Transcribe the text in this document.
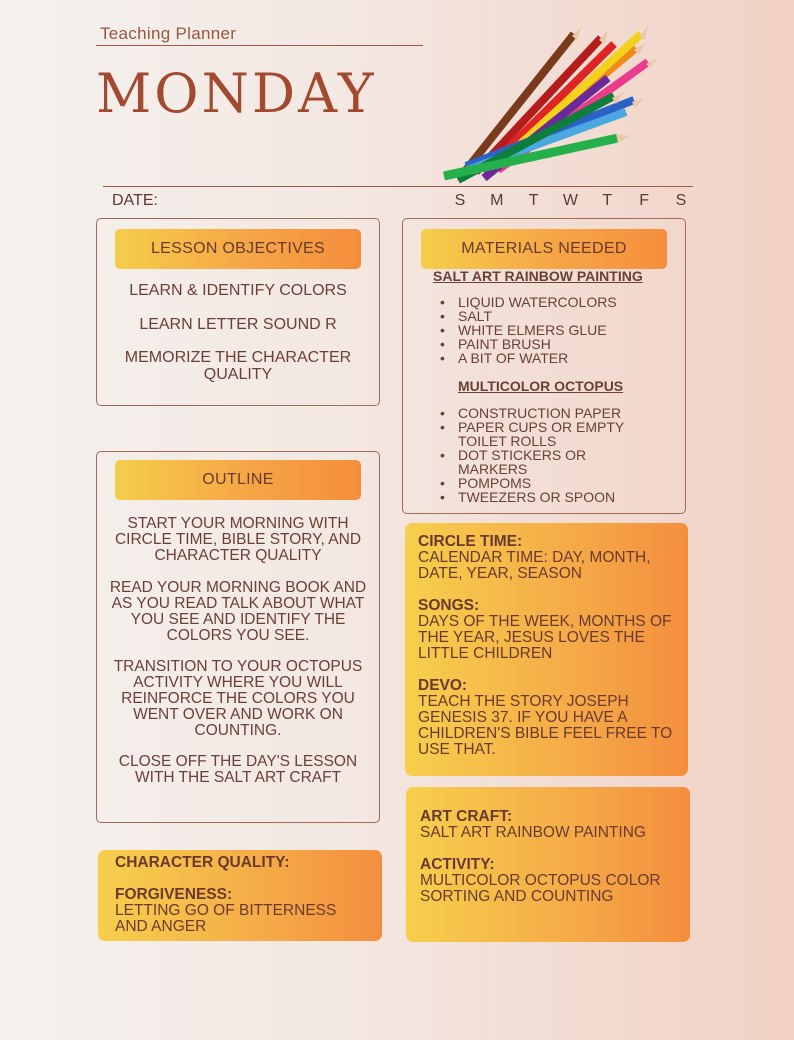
Teaching Planner
MONDAY
DATE:	S	M	T	W	T	F	S
LESSON OBJECTIVES
LEARN & IDENTIFY COLORS
LEARN LETTER SOUND R
MEMORIZE THE CHARACTER QUALITY
MATERIALS NEEDED
SALT ART RAINBOW PAINTING
• LIQUID WATERCOLORS
• SALT
• WHITE ELMERS GLUE
• PAINT BRUSH
• A BIT OF WATER
MULTICOLOR OCTOPUS
• CONSTRUCTION PAPER
• PAPER CUPS OR EMPTY TOILET ROLLS
• DOT STICKERS OR MARKERS
• POMPOMS
• TWEEZERS OR SPOON
OUTLINE
START YOUR MORNING WITH CIRCLE TIME, BIBLE STORY, AND CHARACTER QUALITY
READ YOUR MORNING BOOK AND AS YOU READ TALK ABOUT WHAT YOU SEE AND IDENTIFY THE COLORS YOU SEE.
TRANSITION TO YOUR OCTOPUS ACTIVITY WHERE YOU WILL REINFORCE THE COLORS YOU WENT OVER AND WORK ON COUNTING.
CLOSE OFF THE DAY'S LESSON WITH THE SALT ART CRAFT
CIRCLE TIME:
CALENDAR TIME: DAY, MONTH, DATE, YEAR, SEASON
SONGS:
DAYS OF THE WEEK, MONTHS OF THE YEAR, JESUS LOVES THE LITTLE CHILDREN
DEVO:
TEACH THE STORY JOSEPH GENESIS 37. IF YOU HAVE A CHILDREN'S BIBLE FEEL FREE TO USE THAT.
CHARACTER QUALITY:
FORGIVENESS:
LETTING GO OF BITTERNESS AND ANGER
ART CRAFT:
SALT ART RAINBOW PAINTING
ACTIVITY:
MULTICOLOR OCTOPUS COLOR SORTING AND COUNTING
